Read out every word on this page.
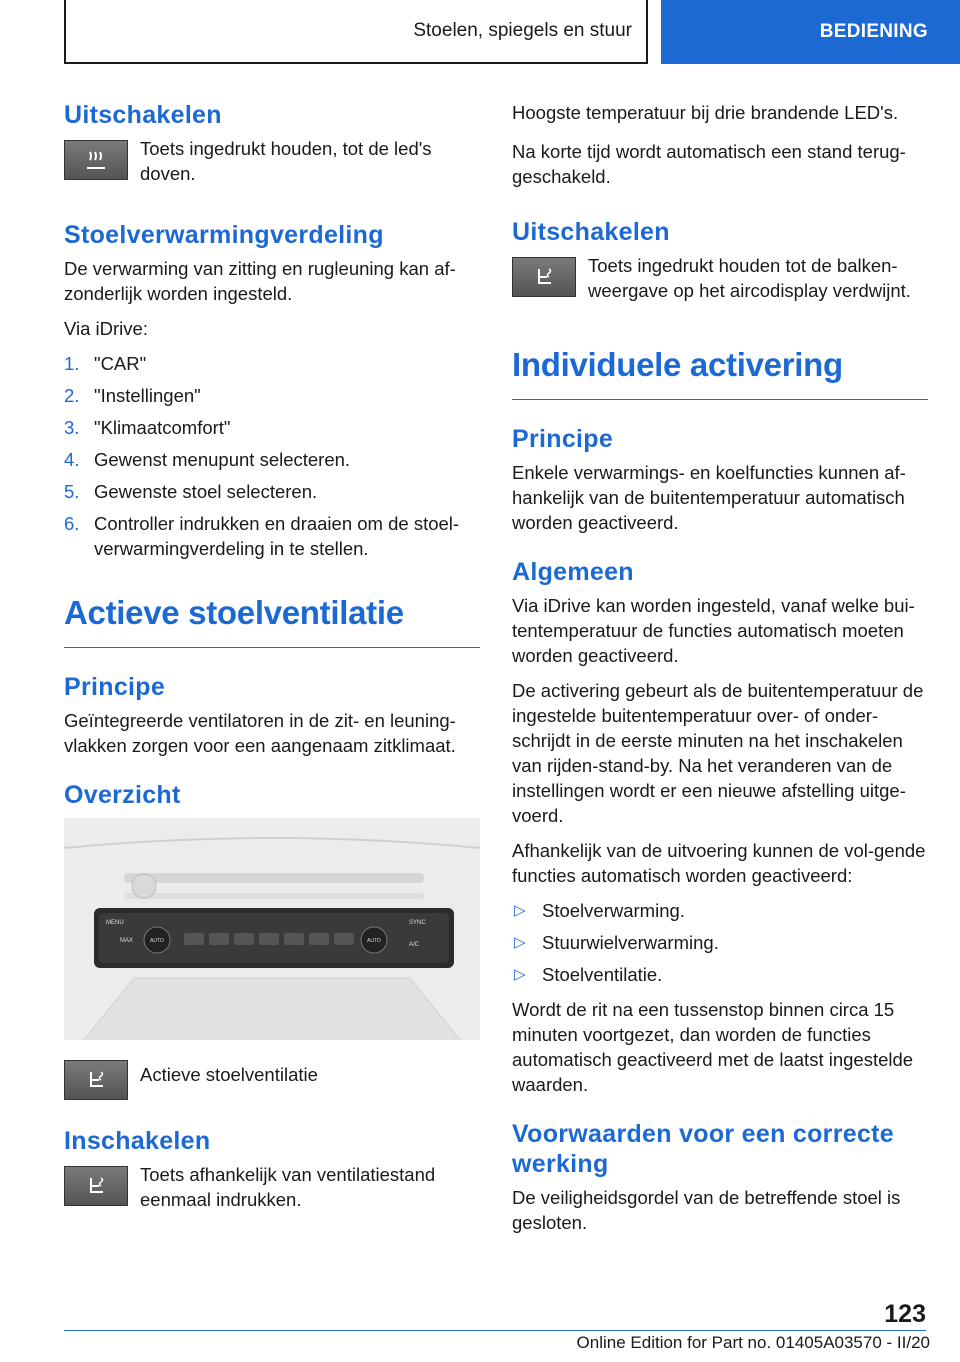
Stoelen, spiegels en stuur	BEDIENING
Uitschakelen

Toets ingedrukt houden, tot de led's doven.

Stoelverwarmingverdeling

De verwarming van zitting en rugleuning kan af-zonderlijk worden ingesteld.

Via iDrive:

1. "CAR"
2. "Instellingen"
3. "Klimaatcomfort"
4. Gewenst menupunt selecteren.
5. Gewenste stoel selecteren.
6. Controller indrukken en draaien om de stoel-verwarmingverdeling in te stellen.
Actieve stoelventilatie
Principe

Geïntegreerde ventilatoren in de zit- en leuning-vlakken zorgen voor een aangenaam zitklimaat.

Overzicht
MENU
MAX
SYNC
AUTO	AUTO
A/C

Actieve stoelventilatie

Inschakelen

Toets afhankelijk van ventilatiestand eenmaal indrukken.

Hoogste temperatuur bij drie brandende LED's.

Na korte tijd wordt automatisch een stand terug-geschakeld.

Uitschakelen

Toets ingedrukt houden tot de balken-weergave op het aircodisplay verdwijnt.

Individuele activering
Principe

Enkele verwarmings- en koelfuncties kunnen af-hankelijk van de buitentemperatuur automatisch worden geactiveerd.

Algemeen

Via iDrive kan worden ingesteld, vanaf welke bui-tentemperatuur de functies automatisch moeten worden geactiveerd.

De activering gebeurt als de buitentemperatuur de ingestelde buitentemperatuur over- of onder-schrijdt in de eerste minuten na het inschakelen van rijden-stand-by. Na het veranderen van de instellingen wordt er een nieuwe afstelling uitge-voerd.

Afhankelijk van de uitvoering kunnen de vol-gende functies automatisch worden geactiveerd:

▷ Stoelverwarming.
▷ Stuurwielverwarming.
▷ Stoelventilatie.

Wordt de rit na een tussenstop binnen circa 15 minuten voortgezet, dan worden de functies automatisch geactiveerd met de laatst ingestelde waarden.

Voorwaarden voor een correcte werking

De veiligheidsgordel van de betreffende stoel is gesloten.

123
Online Edition for Part no. 01405A03570 - II/20
